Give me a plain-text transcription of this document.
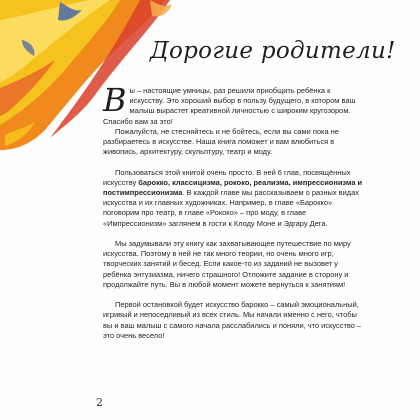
Дорогие родители!

Вы – настоящие умницы, раз решили приобщить ребёнка к искусству. Это хороший выбор в пользу будущего, в котором ваш малыш вырастет креативной личностью с широким кругозором. Спасибо вам за это!

Пожалуйста, не стесняйтесь и не бойтесь, если вы сами пока не разбираетесь в искусстве. Наша книга поможет и вам влюбиться в живопись, архитектуру, скульптуру, театр и моду.

Пользоваться этой книгой очень просто. В ней 6 глав, посвящённых искусству барокко, классицизма, рококо, реализма, импрессионизма и постимпрессионизма. В каждой главе мы рассказываем о разных видах искусства и их главных художниках. Например, в главе «Барокко» поговорим про театр, в главе «Рококо» – про моду, в главе «Импрессионизм» заглянем в гости к Клоду Моне и Эдгару Дега.

Мы задумывали эту книгу как захватывающее путешествие по миру искусства. Поэтому в ней не так много теории, но очень много игр, творческих занятий и бесед. Если какое-то из заданий не вызовет у ребёнка энтузиазма, ничего страшного! Отложите задание в сторону и продолжайте путь. Вы в любой момент можете вернуться к занятиям!

Первой остановкой будет искусство барокко – самый эмоциональный, игривый и непоседливый из всех стиль. Мы начали именно с него, чтобы вы и ваш малыш с самого начала расслабились и поняли, что искусство – это очень весело!

2
